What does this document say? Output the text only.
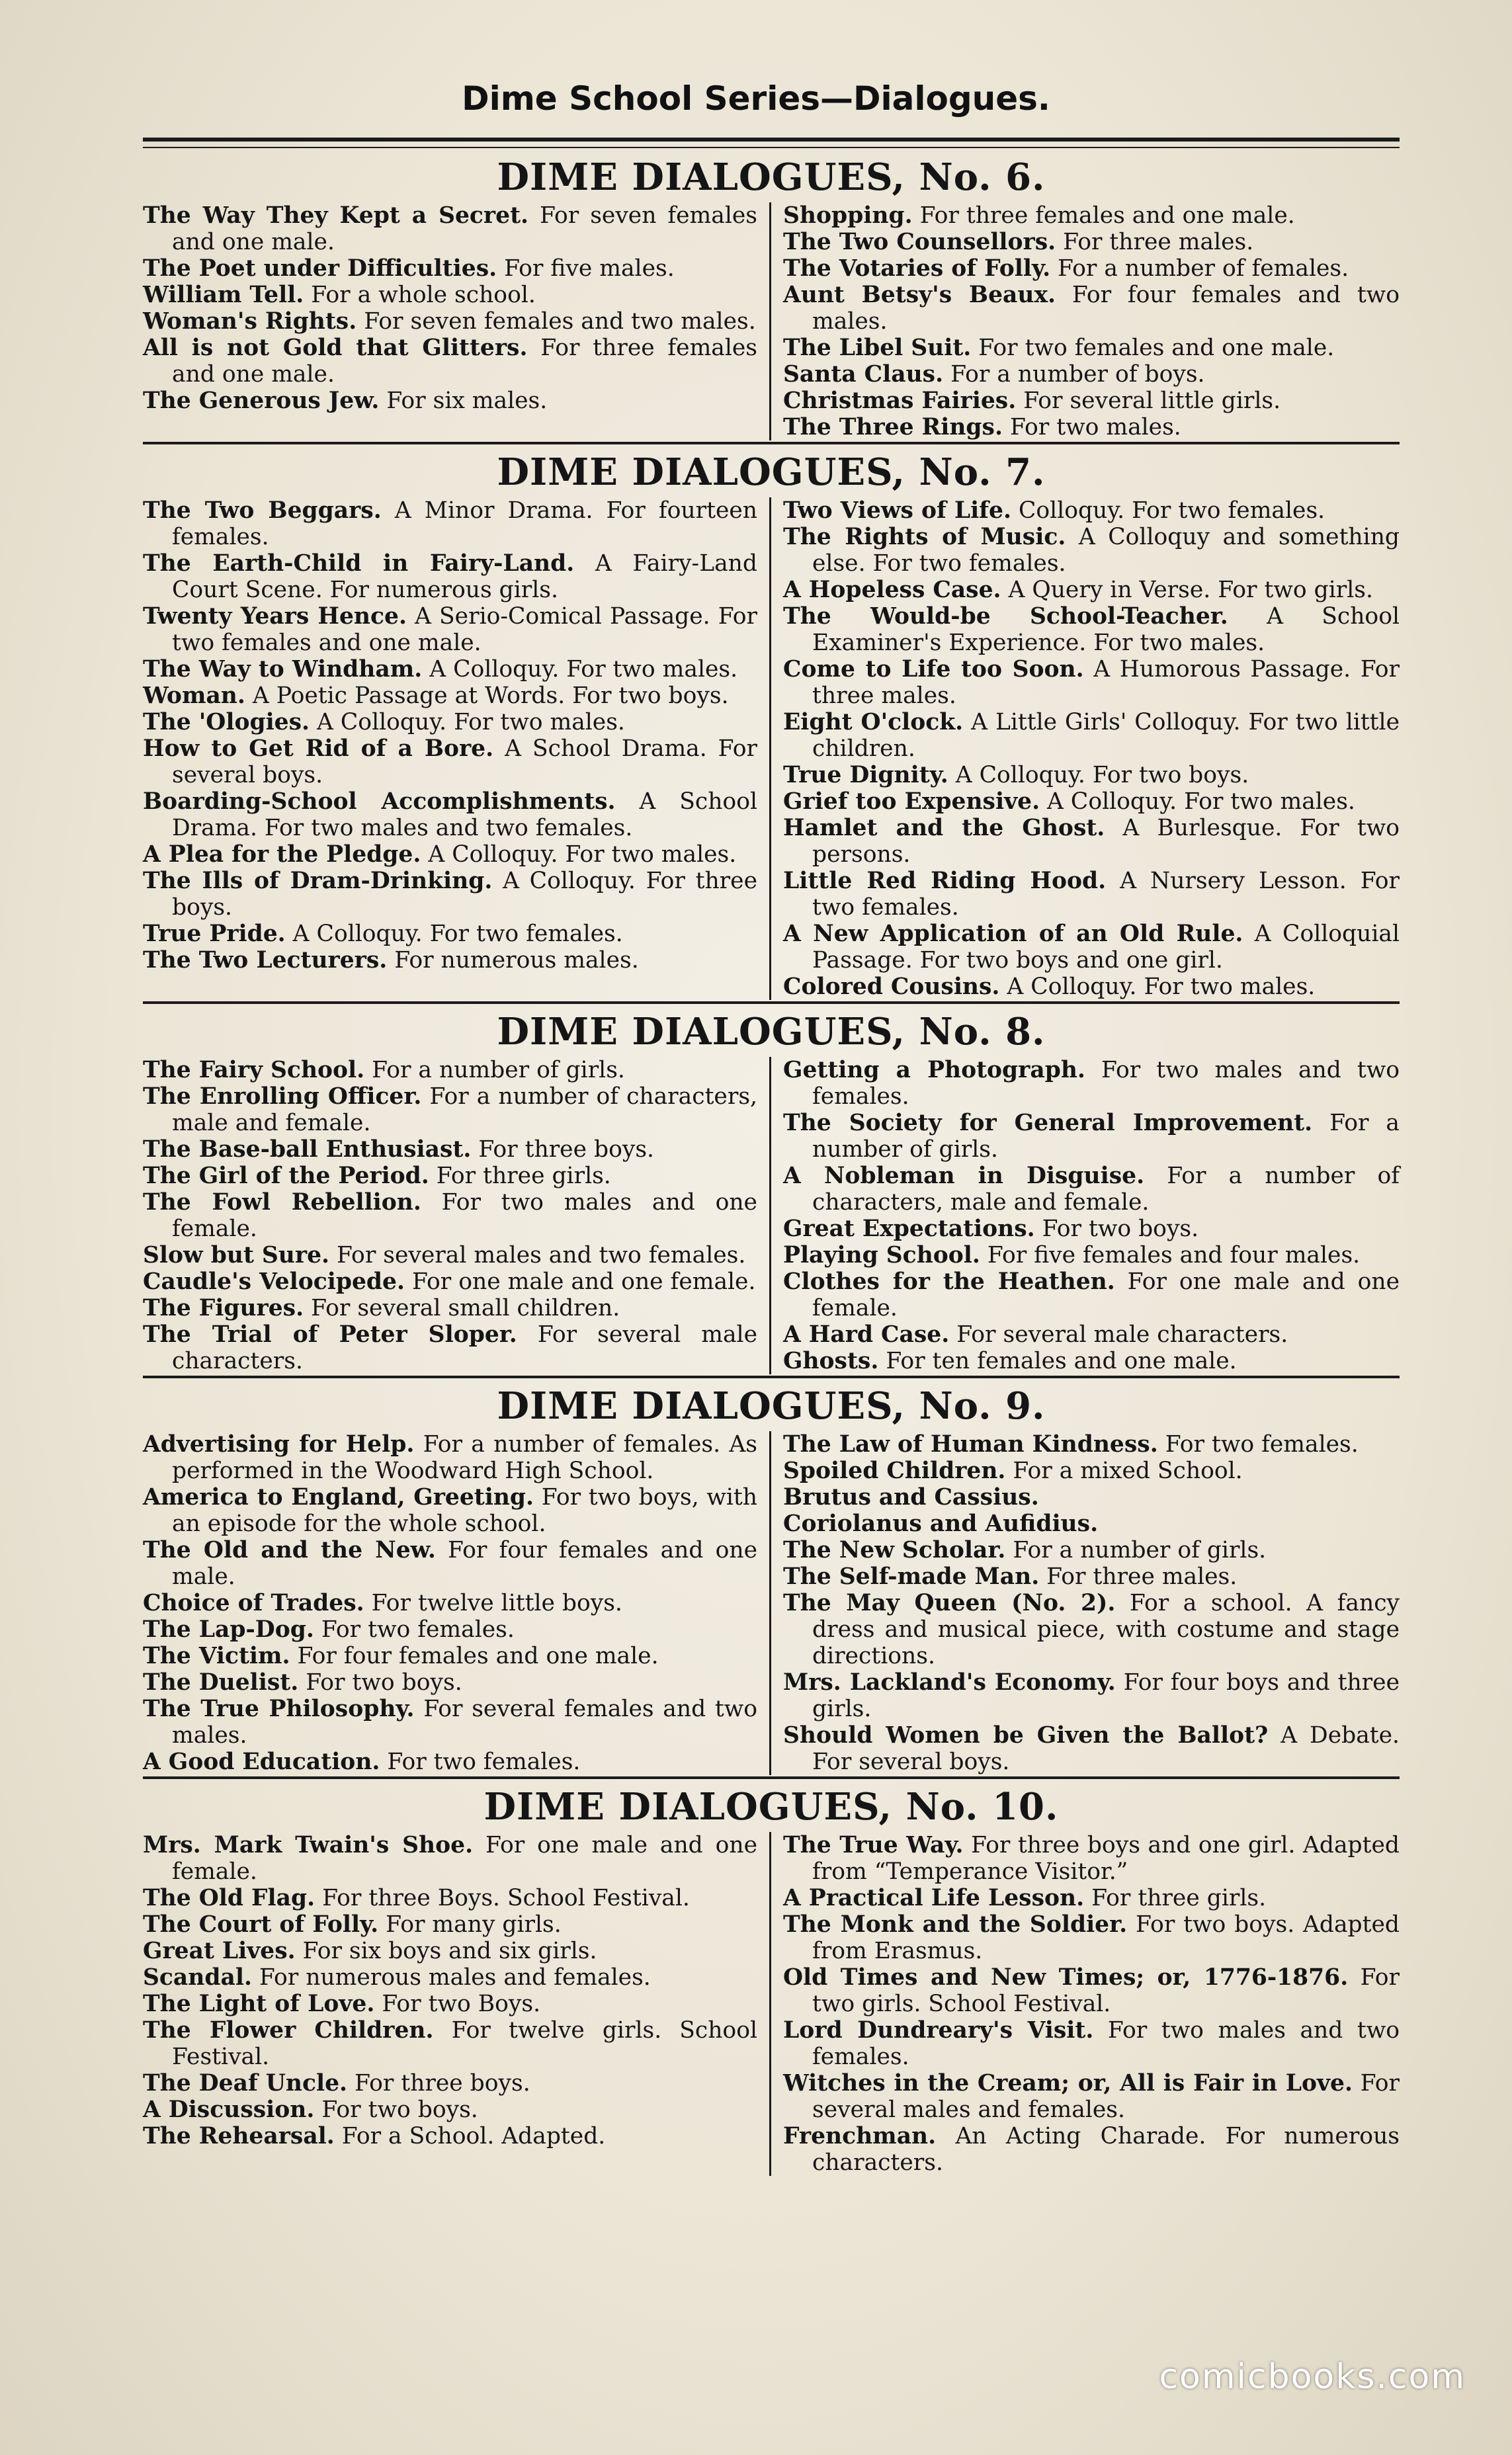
Dime School Series—Dialogues.
DIME DIALOGUES, No. 6.
The Way They Kept a Secret. For seven females and one male.
The Poet under Difficulties. For five males.
William Tell. For a whole school.
Woman's Rights. For seven females and two males.
All is not Gold that Glitters. For three females and one male.
The Generous Jew. For six males.
Shopping. For three females and one male.
The Two Counsellors. For three males.
The Votaries of Folly. For a number of females.
Aunt Betsy's Beaux. For four females and two males.
The Libel Suit. For two females and one male.
Santa Claus. For a number of boys.
Christmas Fairies. For several little girls.
The Three Rings. For two males.
DIME DIALOGUES, No. 7.
The Two Beggars. A Minor Drama. For fourteen females.
The Earth-Child in Fairy-Land. A Fairy-Land Court Scene. For numerous girls.
Twenty Years Hence. A Serio-Comical Passage. For two females and one male.
The Way to Windham. A Colloquy. For two males.
Woman. A Poetic Passage at Words. For two boys.
The 'Ologies. A Colloquy. For two males.
How to Get Rid of a Bore. A School Drama. For several boys.
Boarding-School Accomplishments. A School Drama. For two males and two females.
A Plea for the Pledge. A Colloquy. For two males.
The Ills of Dram-Drinking. A Colloquy. For three boys.
True Pride. A Colloquy. For two females.
The Two Lecturers. For numerous males.
Two Views of Life. Colloquy. For two females.
The Rights of Music. A Colloquy and something else. For two females.
A Hopeless Case. A Query in Verse. For two girls.
The Would-be School-Teacher. A School Examiner's Experience. For two males.
Come to Life too Soon. A Humorous Passage. For three males.
Eight O'clock. A Little Girls' Colloquy. For two little children.
True Dignity. A Colloquy. For two boys.
Grief too Expensive. A Colloquy. For two males.
Hamlet and the Ghost. A Burlesque. For two persons.
Little Red Riding Hood. A Nursery Lesson. For two females.
A New Application of an Old Rule. A Colloquial Passage. For two boys and one girl.
Colored Cousins. A Colloquy. For two males.
DIME DIALOGUES, No. 8.
The Fairy School. For a number of girls.
The Enrolling Officer. For a number of characters, male and female.
The Base-ball Enthusiast. For three boys.
The Girl of the Period. For three girls.
The Fowl Rebellion. For two males and one female.
Slow but Sure. For several males and two females.
Caudle's Velocipede. For one male and one female.
The Figures. For several small children.
The Trial of Peter Sloper. For several male characters.
Getting a Photograph. For two males and two females.
The Society for General Improvement. For a number of girls.
A Nobleman in Disguise. For a number of characters, male and female.
Great Expectations. For two boys.
Playing School. For five females and four males.
Clothes for the Heathen. For one male and one female.
A Hard Case. For several male characters.
Ghosts. For ten females and one male.
DIME DIALOGUES, No. 9.
Advertising for Help. For a number of females. As performed in the Woodward High School.
America to England, Greeting. For two boys, with an episode for the whole school.
The Old and the New. For four females and one male.
Choice of Trades. For twelve little boys.
The Lap-Dog. For two females.
The Victim. For four females and one male.
The Duelist. For two boys.
The True Philosophy. For several females and two males.
A Good Education. For two females.
The Law of Human Kindness. For two females.
Spoiled Children. For a mixed School.
Brutus and Cassius.
Coriolanus and Aufidius.
The New Scholar. For a number of girls.
The Self-made Man. For three males.
The May Queen (No. 2). For a school. A fancy dress and musical piece, with costume and stage directions.
Mrs. Lackland's Economy. For four boys and three girls.
Should Women be Given the Ballot? A Debate. For several boys.
DIME DIALOGUES, No. 10.
Mrs. Mark Twain's Shoe. For one male and one female.
The Old Flag. For three Boys. School Festival.
The Court of Folly. For many girls.
Great Lives. For six boys and six girls.
Scandal. For numerous males and females.
The Light of Love. For two Boys.
The Flower Children. For twelve girls. School Festival.
The Deaf Uncle. For three boys.
A Discussion. For two boys.
The Rehearsal. For a School. Adapted.
The True Way. For three boys and one girl. Adapted from “Temperance Visitor.”
A Practical Life Lesson. For three girls.
The Monk and the Soldier. For two boys. Adapted from Erasmus.
Old Times and New Times; or, 1776-1876. For two girls. School Festival.
Lord Dundreary's Visit. For two males and two females.
Witches in the Cream; or, All is Fair in Love. For several males and females.
Frenchman. An Acting Charade. For numerous characters.
comicbooks.com
